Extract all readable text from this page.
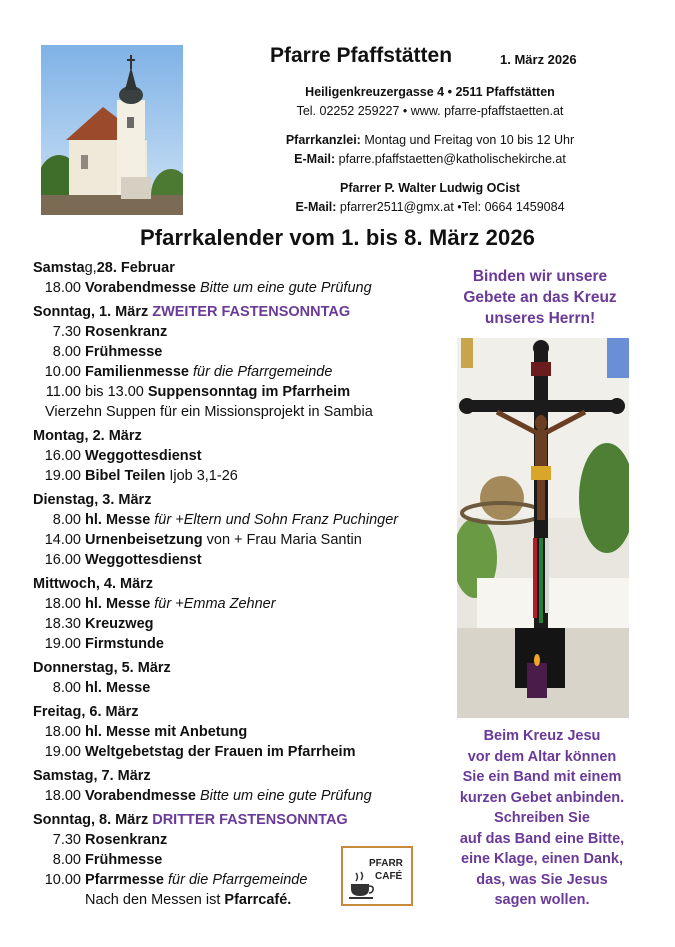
Pfarre Pfaffstätten	1. März 2026
Heiligenkreuzergasse 4 • 2511 Pfaffstätten
Tel. 02252 259227 • www. pfarre-pfaffstaetten.at
Pfarrkanzlei: Montag und Freitag von 10 bis 12 Uhr
E-Mail: pfarre.pfaffstaetten@katholischekirche.at
Pfarrer P. Walter Ludwig OCist
E-Mail: pfarrer2511@gmx.at •Tel: 0664 1459084
Pfarrkalender vom 1. bis 8. März 2026
Samstag,28. Februar
18.00 Vorabendmesse Bitte um eine gute Prüfung
Sonntag, 1. März ZWEITER FASTENSONNTAG
7.30 Rosenkranz
8.00 Frühmesse
10.00 Familienmesse für die Pfarrgemeinde
11.00 bis 13.00 Suppensonntag im Pfarrheim
Vierzehn Suppen für ein Missionsprojekt in Sambia
Montag, 2. März
16.00 Weggottesdienst
19.00 Bibel Teilen Ijob 3,1-26
Dienstag, 3. März
8.00 hl. Messe für +Eltern und Sohn Franz Puchinger
14.00 Urnenbeisetzung von + Frau Maria Santin
16.00 Weggottesdienst
Mittwoch, 4. März
18.00 hl. Messe für +Emma Zehner
18.30 Kreuzweg
19.00 Firmstunde
Donnerstag, 5. März
8.00 hl. Messe
Freitag, 6. März
18.00 hl. Messe mit Anbetung
19.00 Weltgebetstag der Frauen im Pfarrheim
Samstag, 7. März
18.00 Vorabendmesse Bitte um eine gute Prüfung
Sonntag, 8. März DRITTER FASTENSONNTAG
7.30 Rosenkranz
8.00 Frühmesse
10.00 Pfarrmesse für die Pfarrgemeinde
Nach den Messen ist Pfarrcafé.
Binden wir unsere
Gebete an das Kreuz
unseres Herrn!
Beim Kreuz Jesu
vor dem Altar können
Sie ein Band mit einem
kurzen Gebet anbinden.
Schreiben Sie
auf das Band eine Bitte,
eine Klage, einen Dank,
das, was Sie Jesus
sagen wollen.
PFARR
CAFÉ
